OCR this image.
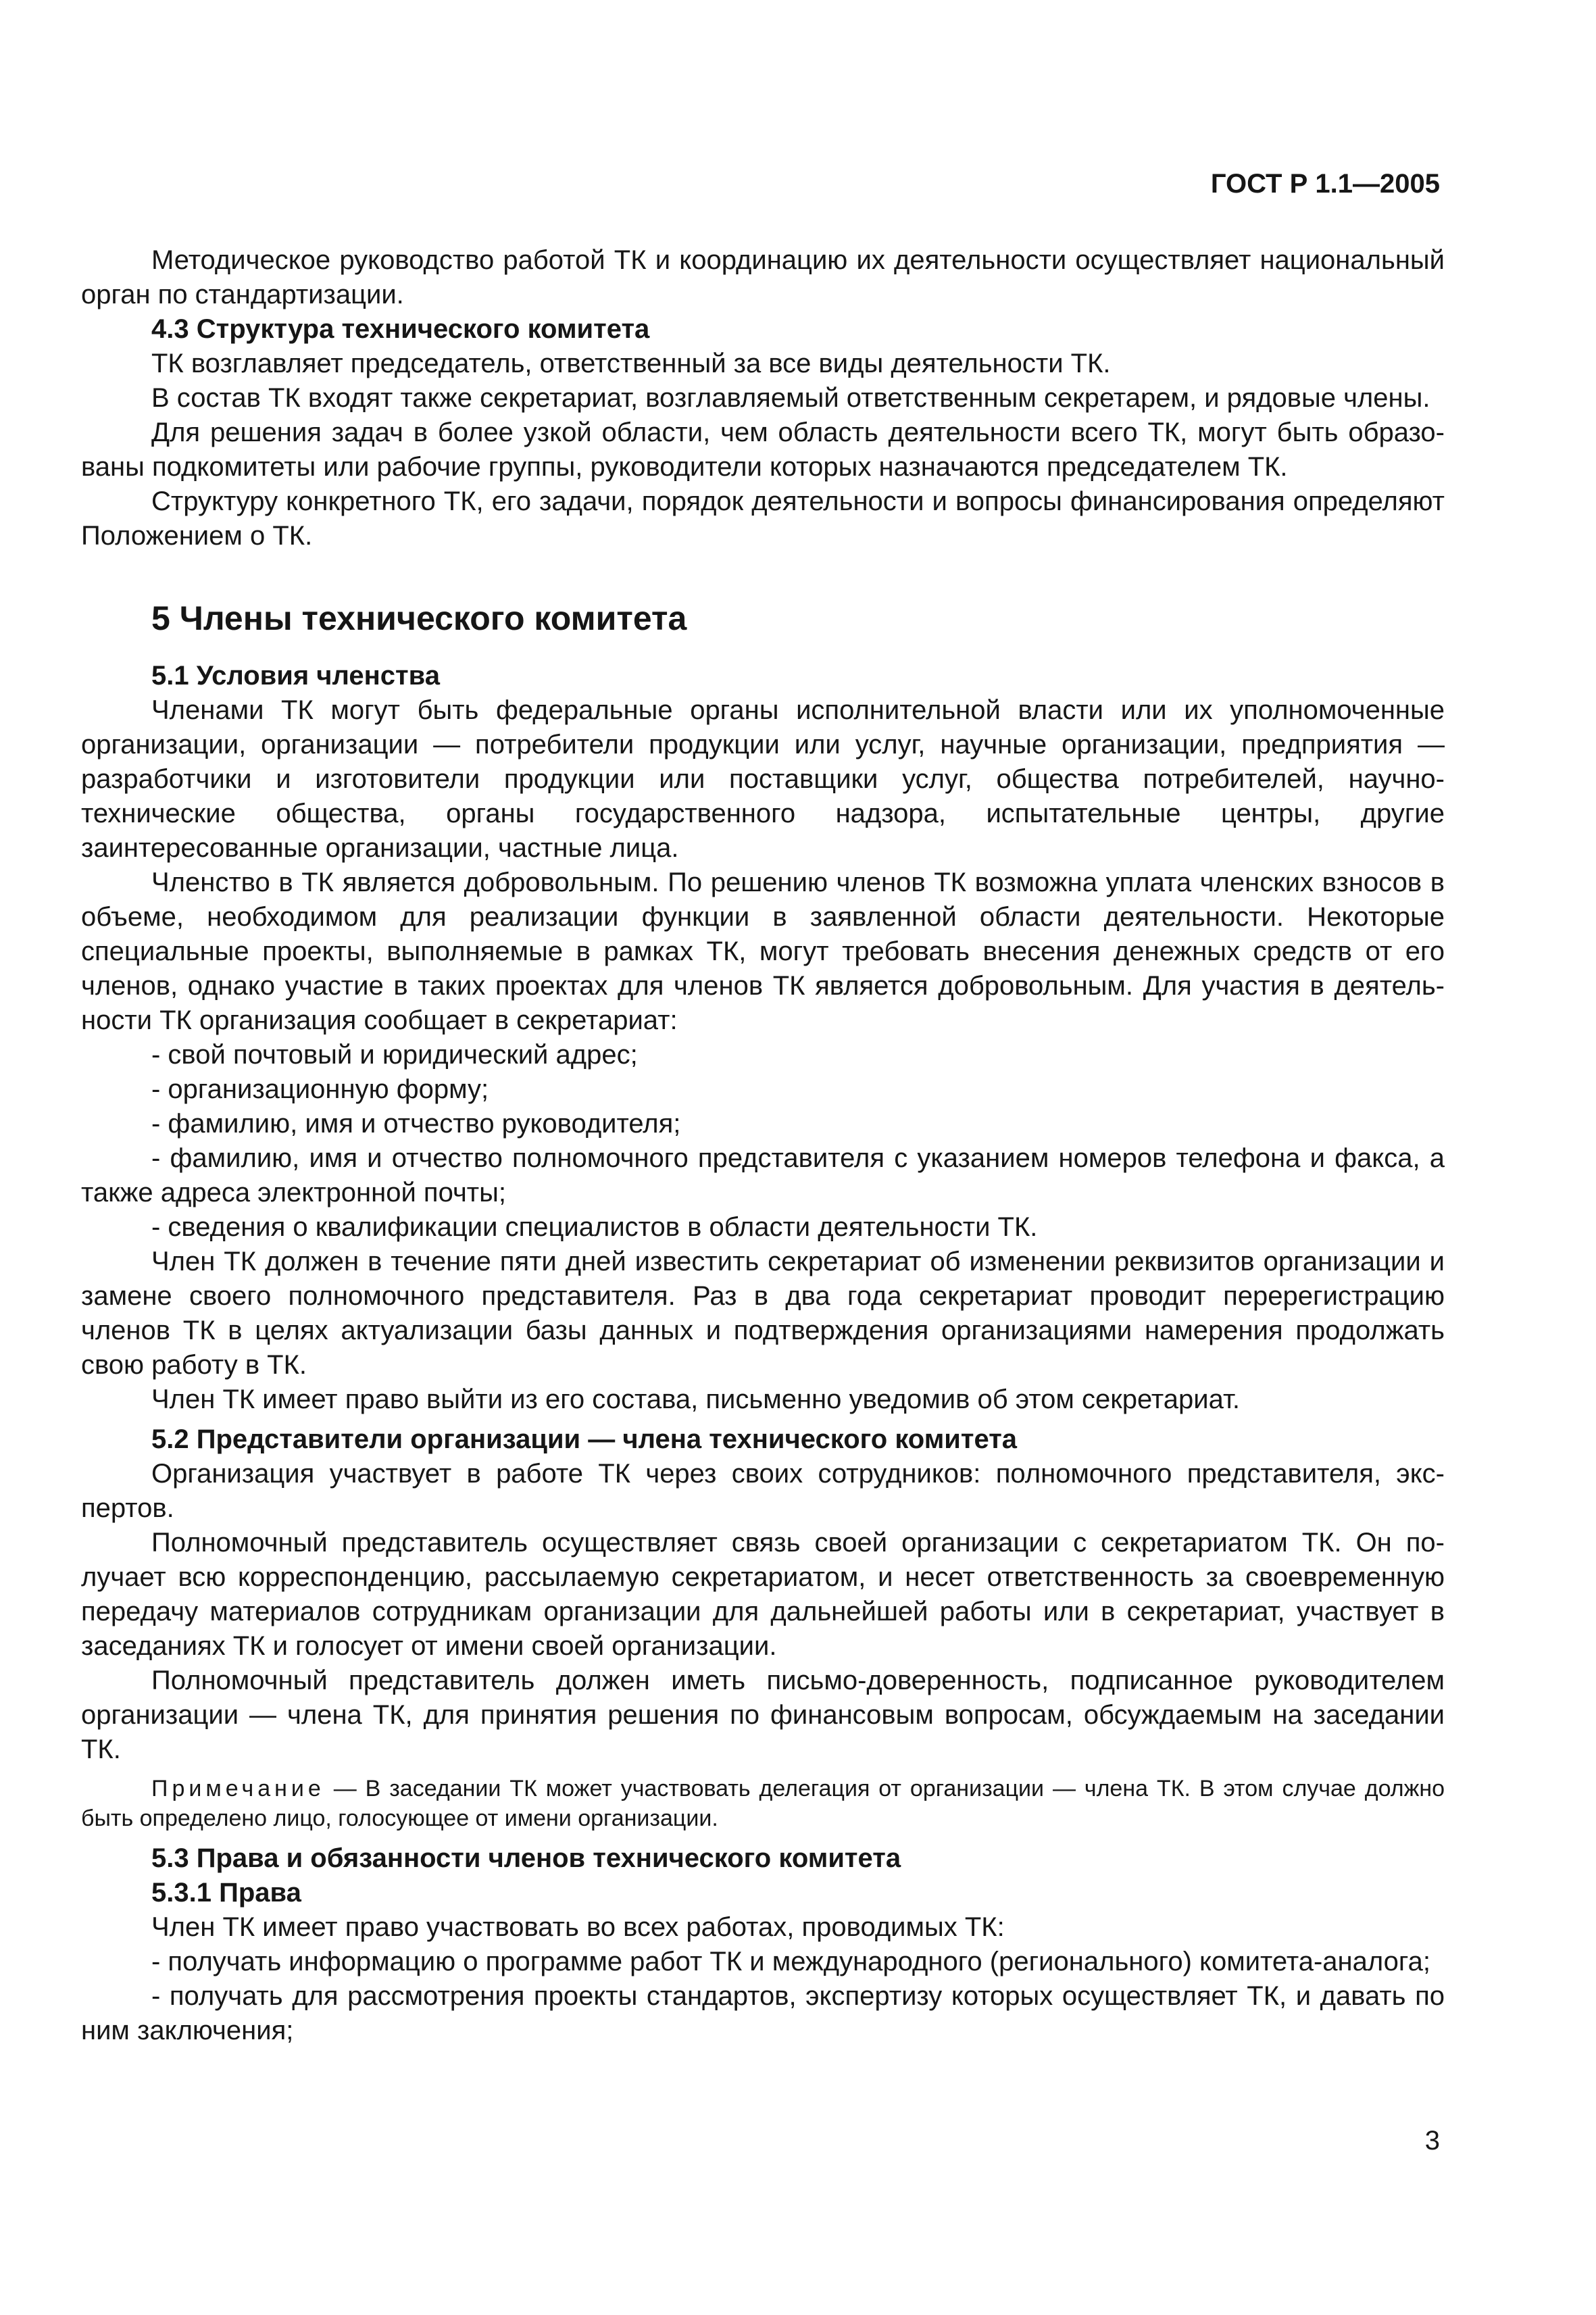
ГОСТ Р 1.1—2005

Методическое руководство работой ТК и координацию их деятельности осуществляет национальный орган по стандартизации.

4.3 Структура технического комитета

ТК возглавляет председатель, ответственный за все виды деятельности ТК.

В состав ТК входят также секретариат, возглавляемый ответственным секретарем, и рядовые члены.

Для решения задач в более узкой области, чем область деятельности всего ТК, могут быть образованы подкомитеты или рабочие группы, руководители которых назначаются председателем ТК.

Структуру конкретного ТК, его задачи, порядок деятельности и вопросы финансирования определяют Положением о ТК.

5 Члены технического комитета

5.1 Условия членства

Членами ТК могут быть федеральные органы исполнительной власти или их уполномоченные организации, организации — потребители продукции или услуг, научные организации, предприятия — разработчики и изготовители продукции или поставщики услуг, общества потребителей, научно-технические общества, органы государственного надзора, испытательные центры, другие заинтересованные организации, частные лица.

Членство в ТК является добровольным. По решению членов ТК возможна уплата членских взносов в объеме, необходимом для реализации функции в заявленной области деятельности. Некоторые специальные проекты, выполняемые в рамках ТК, могут требовать внесения денежных средств от его членов, однако участие в таких проектах для членов ТК является добровольным. Для участия в деятельности ТК организация сообщает в секретариат:

- свой почтовый и юридический адрес;

- организационную форму;

- фамилию, имя и отчество руководителя;

- фамилию, имя и отчество полномочного представителя с указанием номеров телефона и факса, а также адреса электронной почты;

- сведения о квалификации специалистов в области деятельности ТК.

Член ТК должен в течение пяти дней известить секретариат об изменении реквизитов организации и замене своего полномочного представителя. Раз в два года секретариат проводит перерегистрацию членов ТК в целях актуализации базы данных и подтверждения организациями намерения продолжать свою работу в ТК.

Член ТК имеет право выйти из его состава, письменно уведомив об этом секретариат.

5.2 Представители организации — члена технического комитета

Организация участвует в работе ТК через своих сотрудников: полномочного представителя, экспертов.

Полномочный представитель осуществляет связь своей организации с секретариатом ТК. Он получает всю корреспонденцию, рассылаемую секретариатом, и несет ответственность за своевременную передачу материалов сотрудникам организации для дальнейшей работы или в секретариат, участвует в заседаниях ТК и голосует от имени своей организации.

Полномочный представитель должен иметь письмо-доверенность, подписанное руководителем организации — члена ТК, для принятия решения по финансовым вопросам, обсуждаемым на заседании ТК.

Примечание — В заседании ТК может участвовать делегация от организации — члена ТК. В этом случае должно быть определено лицо, голосующее от имени организации.

5.3 Права и обязанности членов технического комитета

5.3.1 Права

Член ТК имеет право участвовать во всех работах, проводимых ТК:

- получать информацию о программе работ ТК и международного (регионального) комитета-аналога;

- получать для рассмотрения проекты стандартов, экспертизу которых осуществляет ТК, и давать по ним заключения;

3
